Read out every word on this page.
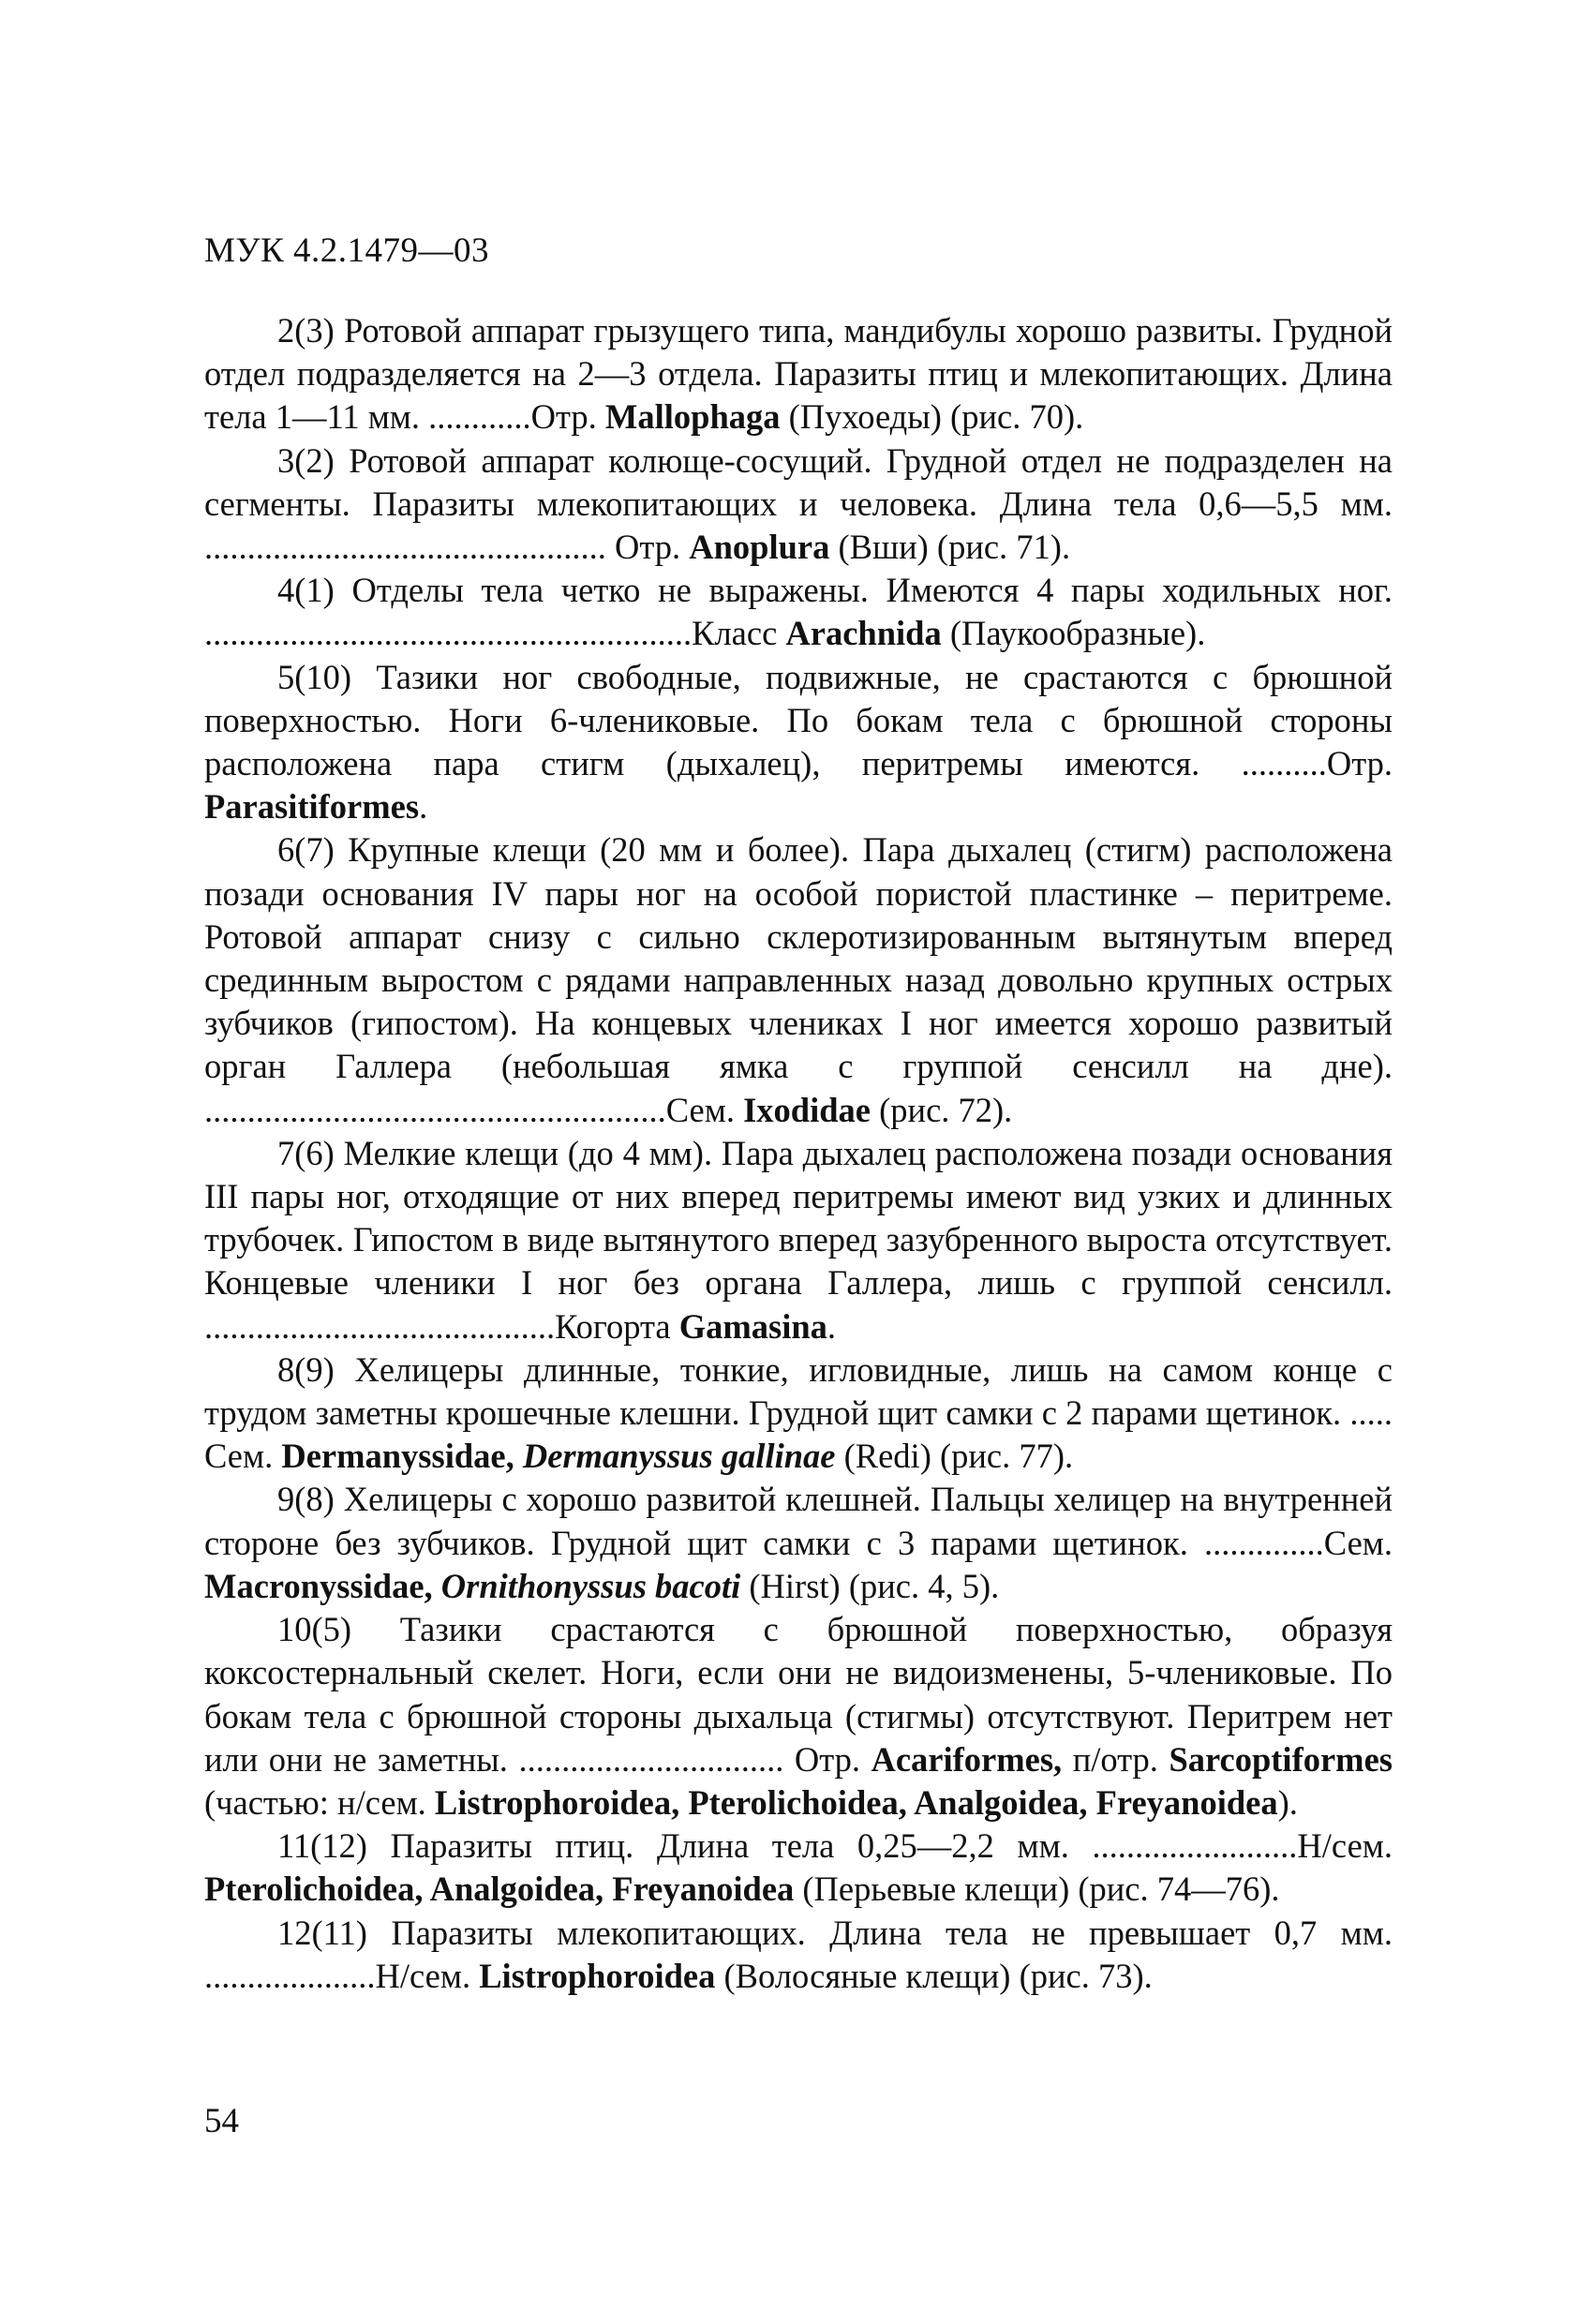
МУК 4.2.1479—03

2(3) Ротовой аппарат грызущего типа, мандибулы хорошо развиты. Грудной отдел подразделяется на 2—3 отдела. Паразиты птиц и млекопитающих. Длина тела 1—11 мм. ............Отр. Mallophaga (Пухоеды) (рис. 70).

3(2) Ротовой аппарат колюще-сосущий. Грудной отдел не подразделен на сегменты. Паразиты млекопитающих и человека. Длина тела 0,6—5,5 мм. ............................................... Отр. Anoplura (Вши) (рис. 71).

4(1) Отделы тела четко не выражены. Имеются 4 пары ходильных ног. .........................................................Класс Arachnida (Паукообразные).

5(10) Тазики ног свободные, подвижные, не срастаются с брюшной поверхностью. Ноги 6-члениковые. По бокам тела с брюшной стороны расположена пара стигм (дыхалец), перитремы имеются. ..........Отр. Parasitiformes.

6(7) Крупные клещи (20 мм и более). Пара дыхалец (стигм) расположена позади основания IV пары ног на особой пористой пластинке – перитреме. Ротовой аппарат снизу с сильно склеротизированным вытянутым вперед срединным выростом с рядами направленных назад довольно крупных острых зубчиков (гипостом). На концевых члениках I ног имеется хорошо развитый орган Галлера (небольшая ямка с группой сенсилл на дне). ......................................................Сем. Ixodidae (рис. 72).

7(6) Мелкие клещи (до 4 мм). Пара дыхалец расположена позади основания III пары ног, отходящие от них вперед перитремы имеют вид узких и длинных трубочек. Гипостом в виде вытянутого вперед зазубренного выроста отсутствует. Концевые членики I ног без органа Галлера, лишь с группой сенсилл. .........................................Когорта Gamasina.

8(9) Хелицеры длинные, тонкие, игловидные, лишь на самом конце с трудом заметны крошечные клешни. Грудной щит самки с 2 парами щетинок. ..... Сем. Dermanyssidae, Dermanyssus gallinae (Redi) (рис. 77).

9(8) Хелицеры с хорошо развитой клешней. Пальцы хелицер на внутренней стороне без зубчиков. Грудной щит самки с 3 парами щетинок. ..............Сем. Macronyssidae, Ornithonyssus bacoti (Hirst) (рис. 4, 5).

10(5) Тазики срастаются с брюшной поверхностью, образуя коксостернальный скелет. Ноги, если они не видоизменены, 5-члениковые. По бокам тела с брюшной стороны дыхальца (стигмы) отсутствуют. Перитрем нет или они не заметны. ............................... Отр. Acariformes, п/отр. Sarcoptiformes (частью: н/сем. Listrophoroidea, Pterolichoidea, Analgoidea, Freyanoidea).

11(12) Паразиты птиц. Длина тела 0,25—2,2 мм. ........................Н/сем. Pterolichoidea, Analgoidea, Freyanoidea (Перьевые клещи) (рис. 74—76).

12(11) Паразиты млекопитающих. Длина тела не превышает 0,7 мм. ....................Н/сем. Listrophoroidea (Волосяные клещи) (рис. 73).

54
